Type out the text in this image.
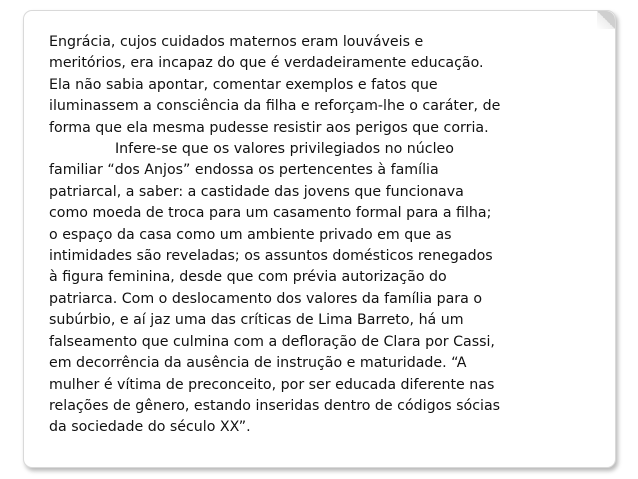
Engrácia, cujos cuidados maternos eram louváveis e
meritórios, era incapaz do que é verdadeiramente educação.
Ela não sabia apontar, comentar exemplos e fatos que
iluminassem a consciência da filha e reforçam-lhe o caráter, de
forma que ela mesma pudesse resistir aos perigos que corria.
Infere-se que os valores privilegiados no núcleo
familiar “dos Anjos” endossa os pertencentes à família
patriarcal, a saber: a castidade das jovens que funcionava
como moeda de troca para um casamento formal para a filha;
o espaço da casa como um ambiente privado em que as
intimidades são reveladas; os assuntos domésticos renegados
à figura feminina, desde que com prévia autorização do
patriarca. Com o deslocamento dos valores da família para o
subúrbio, e aí jaz uma das críticas de Lima Barreto, há um
falseamento que culmina com a defloração de Clara por Cassi,
em decorrência da ausência de instrução e maturidade. “A
mulher é vítima de preconceito, por ser educada diferente nas
relações de gênero, estando inseridas dentro de códigos sócias
da sociedade do século XX”.
